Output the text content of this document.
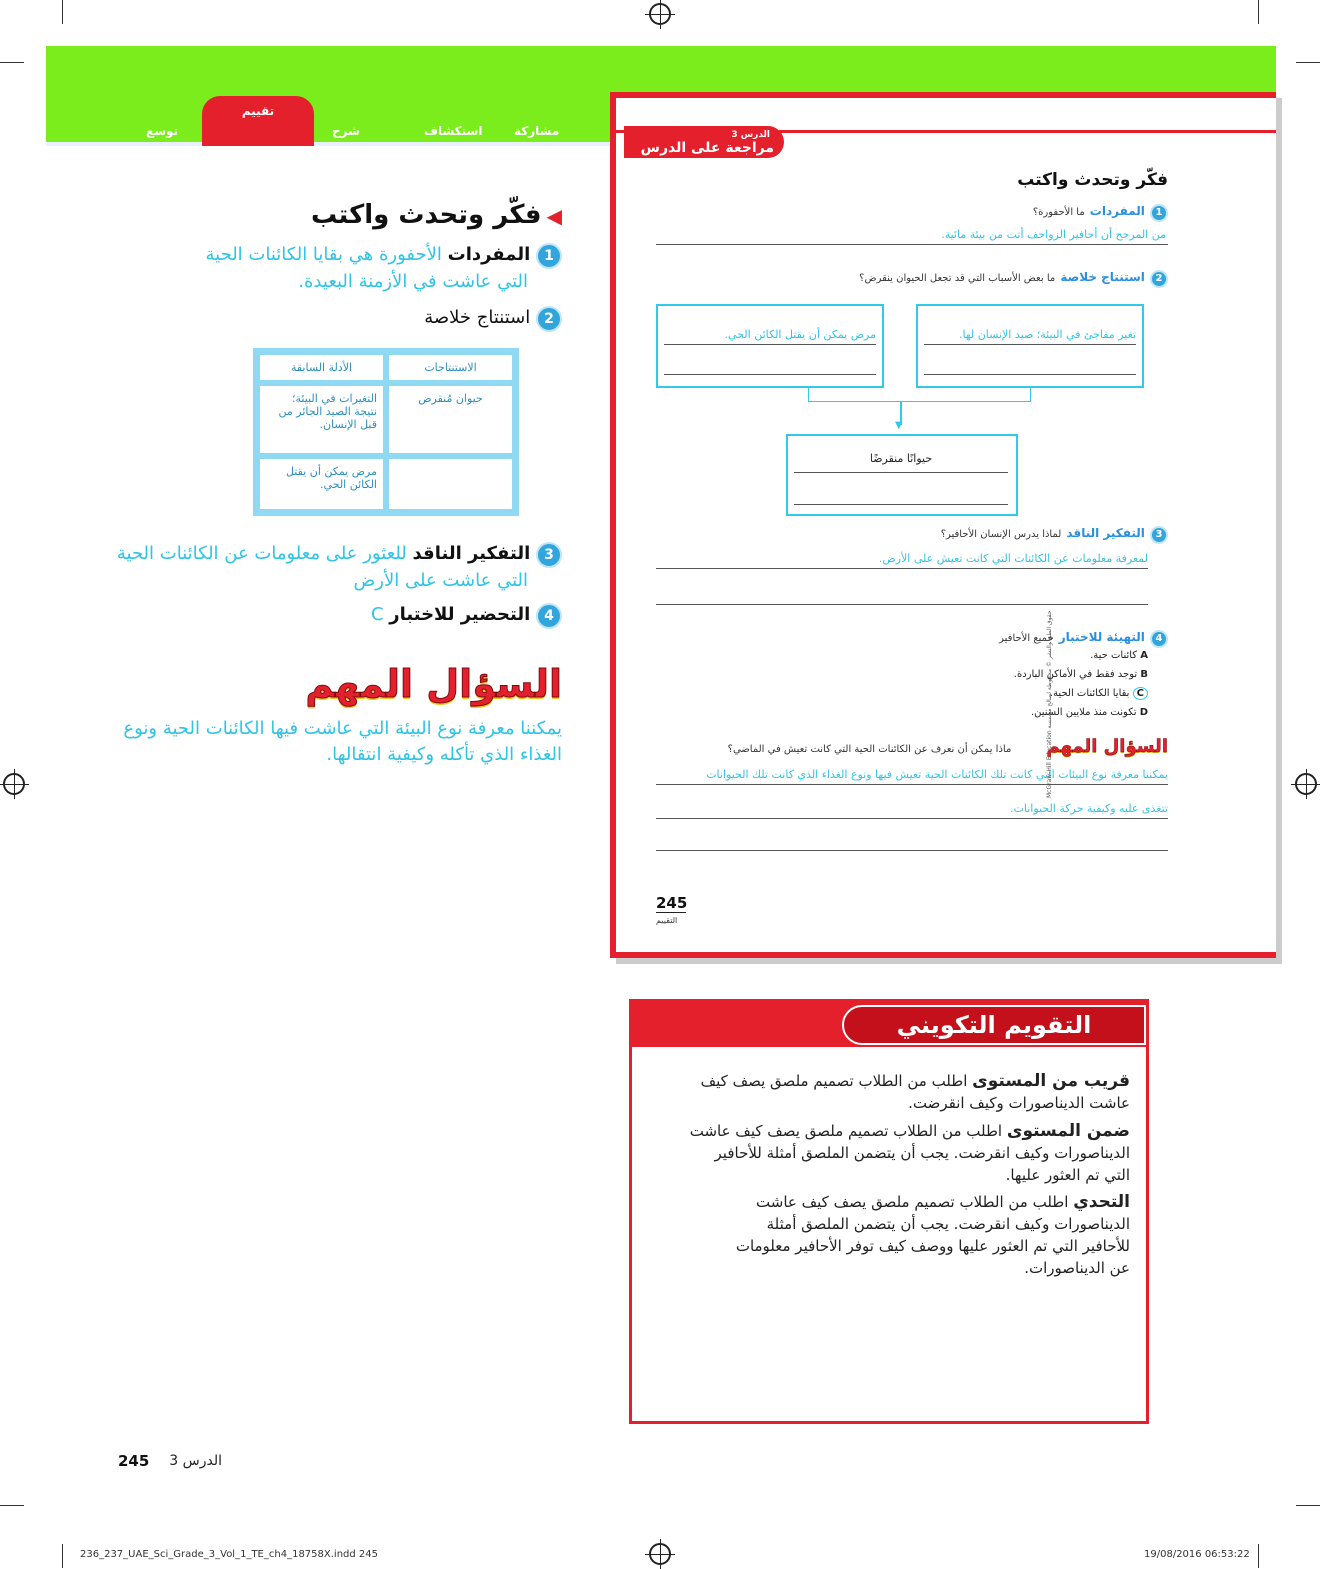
مشاركة
استكشاف
شرح
تقييم
توسع
◀ فكّر وتحدث واكتب
1 المفردات الأحفورة هي بقايا الكائنات الحية
التي عاشت في الأزمنة البعيدة.
2 استنتاج خلاصة
الاستنتاجات	الأدلة السابقة
حيوان مُنقرض	التغيرات في البيئة؛ نتيجة الصيد الجائر من قبل الإنسان.
	مرض يمكن أن يقتل الكائن الحي.
3 التفكير الناقد للعثور على معلومات عن الكائنات الحية
التي عاشت على الأرض
4 التحضير للاختبار C
السؤال المهم
يمكننا معرفة نوع البيئة التي عاشت فيها الكائنات الحية ونوع
الغذاء الذي تأكله وكيفية انتقالها.
الدرس 3
مراجعة على الدرس
فكّر وتحدث واكتب
1 المفردات ما الأحفورة؟
من المرجح أن أحافير الزواحف أتت من بيئة مائية.
2 استنتاج خلاصة ما بعض الأسباب التي قد تجعل الحيوان ينقرض؟
تغير مفاجئ في البيئة؛ صيد الإنسان لها.
مرض يمكن أن يقتل الكائن الحي.
▼
حيوانًا منقرضًا
3 التفكير الناقد لماذا يدرس الإنسان الأحافير؟
لمعرفة معلومات عن الكائنات التي كانت تعيش على الأرض.
4 التهيئة للاختبار جميع الأحافير
A كائنات حية.
B توجد فقط في الأماكن الباردة.
C بقايا الكائنات الحية.
D تكونت منذ ملايين السنين.
السؤال المهم ماذا يمكن أن نعرف عن الكائنات الحية التي كانت تعيش في الماضي؟
يمكننا معرفة نوع البيئات التي كانت تلك الكائنات الحية تعيش فيها ونوع الغذاء الذي كانت تلك الحيوانات
تتغذى عليه وكيفية حركة الحيوانات.
245
التقييم
McGraw-Hill Education حقوق الطبع والنشر © محفوظة لصالح مؤسسة
التقويم التكويني
قريب من المستوى اطلب من الطلاب تصميم ملصق يصف كيف
عاشت الديناصورات وكيف انقرضت.
ضمن المستوى اطلب من الطلاب تصميم ملصق يصف كيف عاشت
الديناصورات وكيف انقرضت. يجب أن يتضمن الملصق أمثلة للأحافير
التي تم العثور عليها.
التحدي اطلب من الطلاب تصميم ملصق يصف كيف عاشت
الديناصورات وكيف انقرضت. يجب أن يتضمن الملصق أمثلة
للأحافير التي تم العثور عليها ووصف كيف توفر الأحافير معلومات
عن الديناصورات.
245	الدرس 3
236_237_UAE_Sci_Grade_3_Vol_1_TE_ch4_18758X.indd 245	19/08/2016 06:53:22
